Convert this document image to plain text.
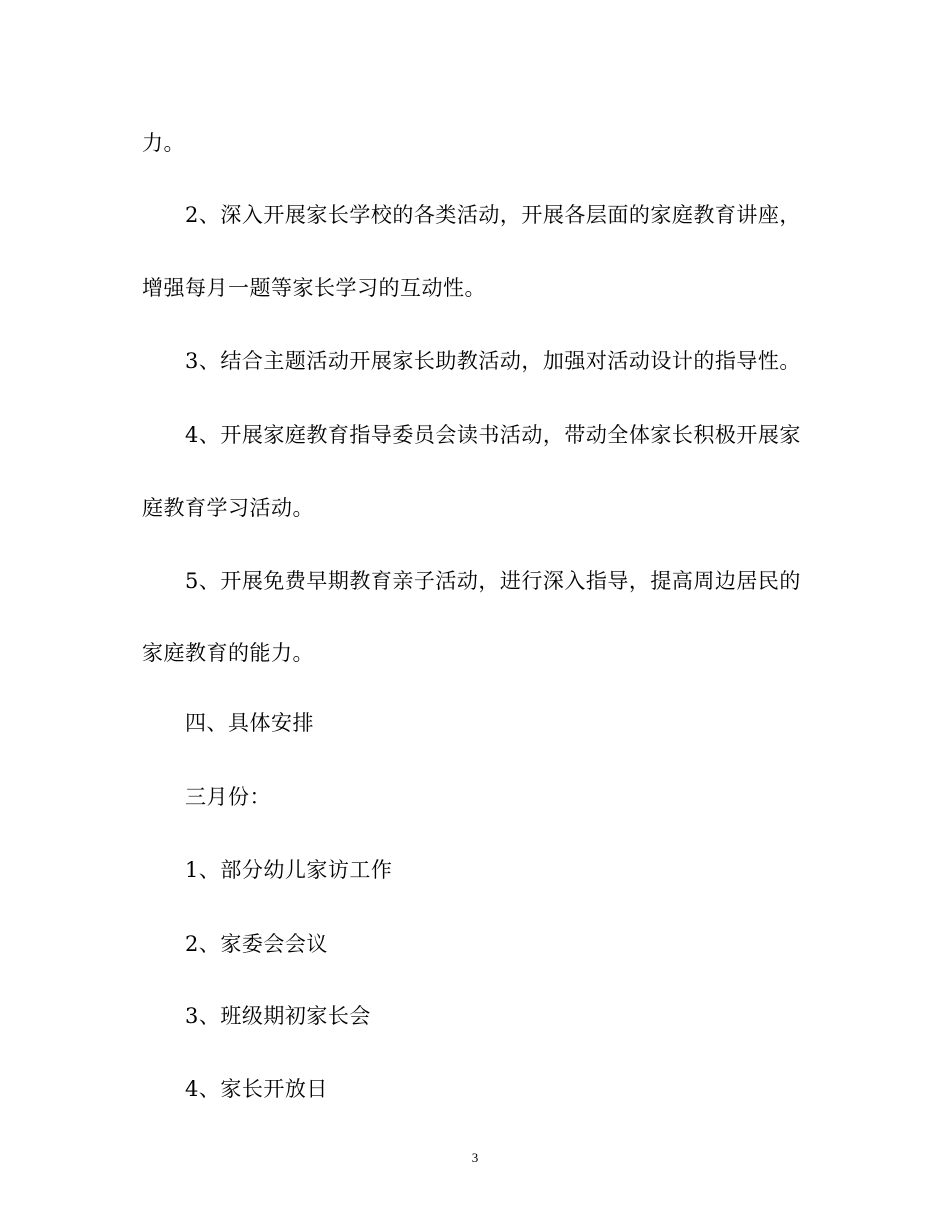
力。
2、深入开展家长学校的各类活动，开展各层面的家庭教育讲座，
增强每月一题等家长学习的互动性。
3、结合主题活动开展家长助教活动，加强对活动设计的指导性。
4、开展家庭教育指导委员会读书活动，带动全体家长积极开展家
庭教育学习活动。
5、开展免费早期教育亲子活动，进行深入指导，提高周边居民的
家庭教育的能力。
四、具体安排
三月份：
1、部分幼儿家访工作
2、家委会会议
3、班级期初家长会
4、家长开放日
3
